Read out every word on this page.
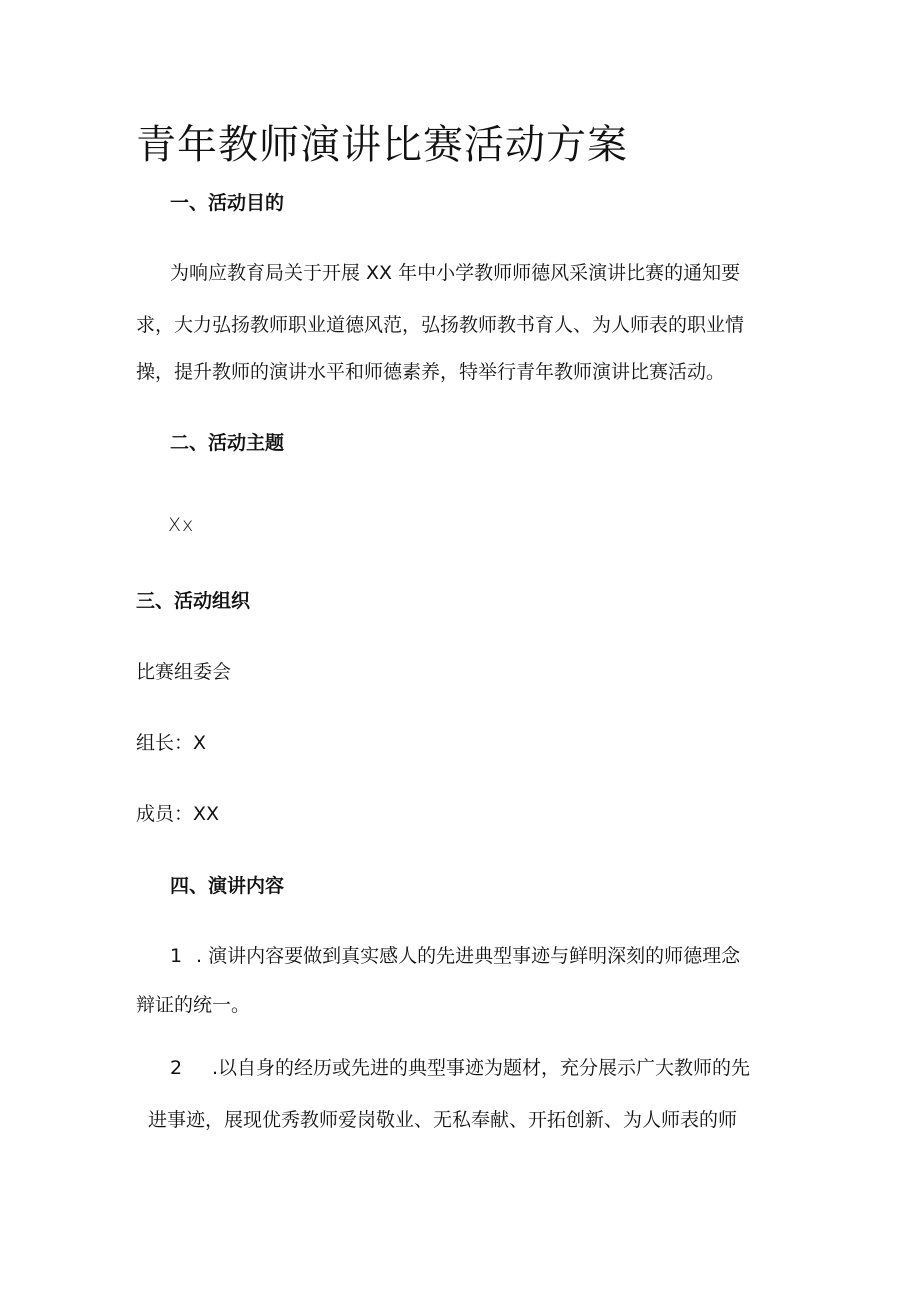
青年教师演讲比赛活动方案
一、活动目的
为响应教育局关于开展 XX 年中小学教师师德风采演讲比赛的通知要
求，大力弘扬教师职业道德风范，弘扬教师教书育人、为人师表的职业情
操，提升教师的演讲水平和师德素养，特举行青年教师演讲比赛活动。
二、活动主题
Xx
三、活动组织
比赛组委会
组长：X
成员：XX
四、演讲内容
1 . 演讲内容要做到真实感人的先进典型事迹与鲜明深刻的师德理念
辩证的统一。
2 .以自身的经历或先进的典型事迹为题材，充分展示广大教师的先
进事迹，展现优秀教师爱岗敬业、无私奉献、开拓创新、为人师表的师
